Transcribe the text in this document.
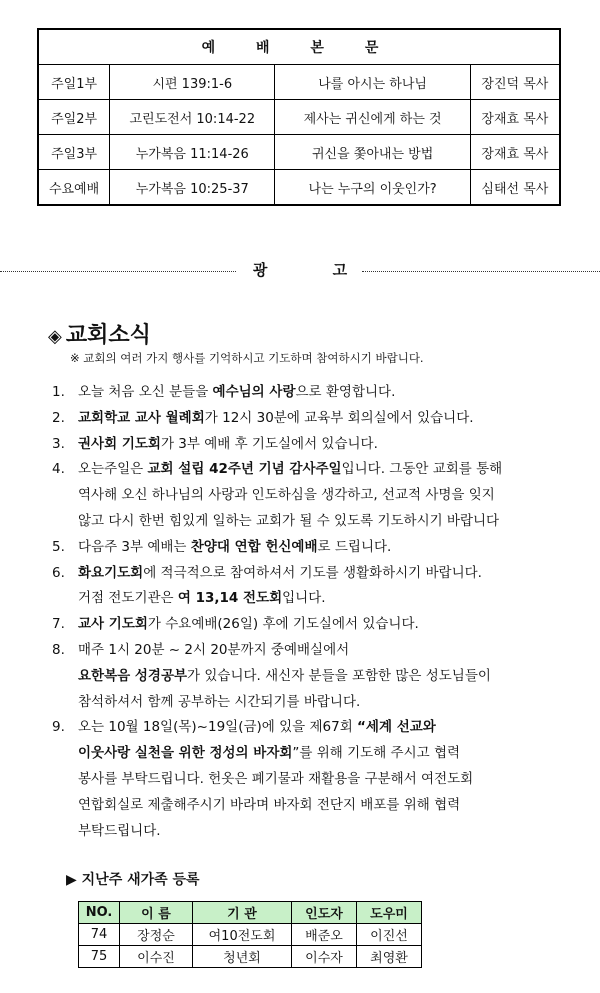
예 배 본 문			
주일1부	시편 139:1-6	나를 아시는 하나님	장진덕 목사
주일2부	고린도전서 10:14-22	제사는 귀신에게 하는 것	장재효 목사
주일3부	누가복음 11:14-26	귀신을 쫓아내는 방법	장재효 목사
수요예배	누가복음 10:25-37	나는 누구의 이웃인가?	심태선 목사
광 고
◈ 교회소식
※ 교회의 여러 가지 행사를 기억하시고 기도하며 참여하시기 바랍니다.
1. 오늘 처음 오신 분들을 예수님의 사랑으로 환영합니다.
2. 교회학교 교사 월례회가 12시 30분에 교육부 회의실에서 있습니다.
3. 권사회 기도회가 3부 예배 후 기도실에서 있습니다.
4. 오는주일은 교회 설립 42주년 기념 감사주일입니다. 그동안 교회를 통해
역사해 오신 하나님의 사랑과 인도하심을 생각하고, 선교적 사명을 잊지
않고 다시 한번 힘있게 일하는 교회가 될 수 있도록 기도하시기 바랍니다
5. 다음주 3부 예배는 찬양대 연합 헌신예배로 드립니다.
6. 화요기도회에 적극적으로 참여하셔서 기도를 생활화하시기 바랍니다.
거점 전도기관은 여 13,14 전도회입니다.
7. 교사 기도회가 수요예배(26일) 후에 기도실에서 있습니다.
8. 매주 1시 20분 ~ 2시 20분까지 중예배실에서
요한복음 성경공부가 있습니다. 새신자 분들을 포함한 많은 성도님들이
참석하셔서 함께 공부하는 시간되기를 바랍니다.
9. 오는 10월 18일(목)~19일(금)에 있을 제67회 “세계 선교와
이웃사랑 실천을 위한 정성의 바자회”를 위해 기도해 주시고 협력
봉사를 부탁드립니다. 헌옷은 폐기물과 재활용을 구분해서 여전도회
연합회실로 제출해주시기 바라며 바자회 전단지 배포를 위해 협력
부탁드립니다.
▶ 지난주 새가족 등록
NO.	이 름	기 관	인도자	도우미
74	장정순	여10전도회	배준오	이진선
75	이수진	청년회	이수자	최영환
